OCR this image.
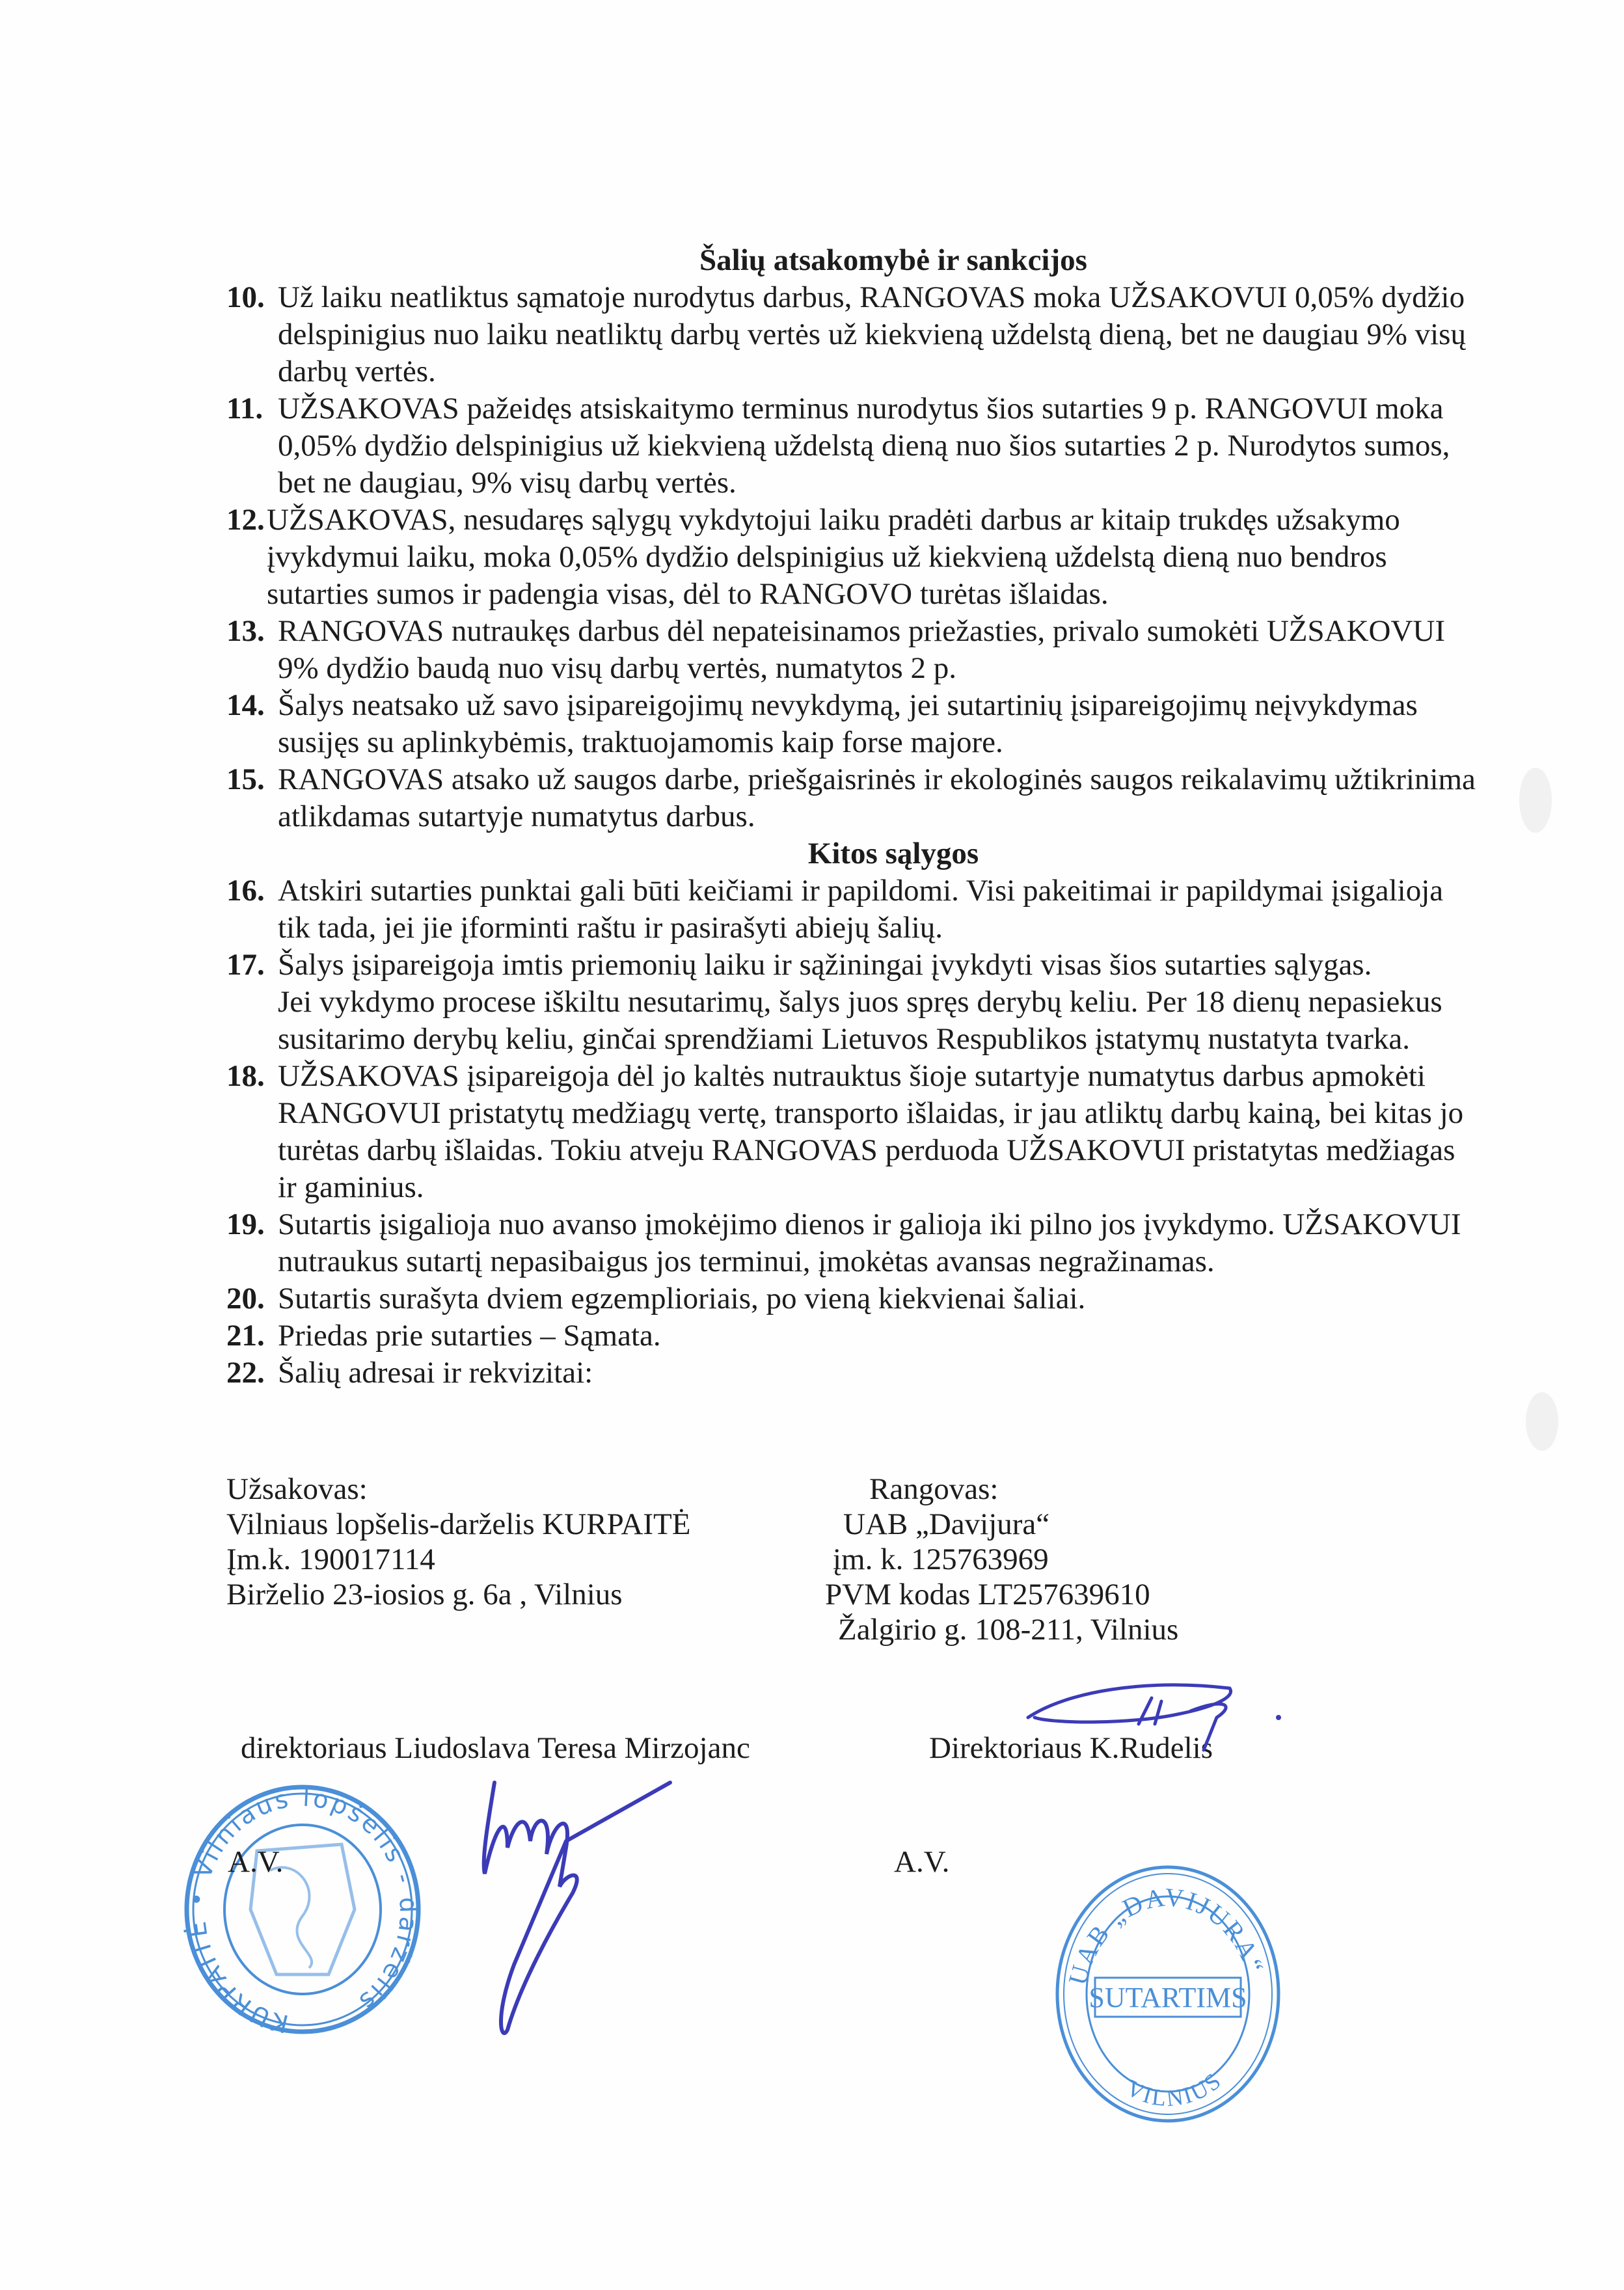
Šalių atsakomybė ir sankcijos
10. Už laiku neatliktus sąmatoje nurodytus darbus, RANGOVAS moka UŽSAKOVUI 0,05% dydžio
delspinigius nuo laiku neatliktų darbų vertės už kiekvieną uždelstą dieną, bet ne daugiau 9% visų
darbų vertės.
11. UŽSAKOVAS pažeidęs atsiskaitymo terminus nurodytus šios sutarties 9 p. RANGOVUI moka
0,05% dydžio delspinigius už kiekvieną uždelstą dieną nuo šios sutarties 2 p. Nurodytos sumos,
bet ne daugiau, 9% visų darbų vertės.
12. UŽSAKOVAS, nesudaręs sąlygų vykdytojui laiku pradėti darbus ar kitaip trukdęs užsakymo
įvykdymui laiku, moka 0,05% dydžio delspinigius už kiekvieną uždelstą dieną nuo bendros
sutarties sumos ir padengia visas, dėl to RANGOVO turėtas išlaidas.
13. RANGOVAS nutraukęs darbus dėl nepateisinamos priežasties, privalo sumokėti UŽSAKOVUI
9% dydžio baudą nuo visų darbų vertės, numatytos 2 p.
14. Šalys neatsako už savo įsipareigojimų nevykdymą, jei sutartinių įsipareigojimų neįvykdymas
susijęs su aplinkybėmis, traktuojamomis kaip forse majore.
15. RANGOVAS atsako už saugos darbe, priešgaisrinės ir ekologinės saugos reikalavimų užtikrinima
atlikdamas sutartyje numatytus darbus.
Kitos sąlygos
16. Atskiri sutarties punktai gali būti keičiami ir papildomi. Visi pakeitimai ir papildymai įsigalioja
tik tada, jei jie įforminti raštu ir pasirašyti abiejų šalių.
17. Šalys įsipareigoja imtis priemonių laiku ir sąžiningai įvykdyti visas šios sutarties sąlygas.
Jei vykdymo procese iškiltu nesutarimų, šalys juos spręs derybų keliu. Per 18 dienų nepasiekus
susitarimo derybų keliu, ginčai sprendžiami Lietuvos Respublikos įstatymų nustatyta tvarka.
18. UŽSAKOVAS įsipareigoja dėl jo kaltės nutrauktus šioje sutartyje numatytus darbus apmokėti
RANGOVUI pristatytų medžiagų vertę, transporto išlaidas, ir jau atliktų darbų kainą, bei kitas jo
turėtas darbų išlaidas. Tokiu atveju RANGOVAS perduoda UŽSAKOVUI pristatytas medžiagas
ir gaminius.
19. Sutartis įsigalioja nuo avanso įmokėjimo dienos ir galioja iki pilno jos įvykdymo. UŽSAKOVUI
nutraukus sutartį nepasibaigus jos terminui, įmokėtas avansas negražinamas.
20. Sutartis surašyta dviem egzemplioriais, po vieną kiekvienai šaliai.
21. Priedas prie sutarties – Sąmata.
22. Šalių adresai ir rekvizitai:
Užsakovas:
Vilniaus lopšelis-darželis KURPAITĖ
Įm.k. 190017114
Birželio 23-iosios g. 6a , Vilnius
Rangovas:
UAB „Davijura“
įm. k. 125763969
PVM kodas LT257639610
Žalgirio g. 108-211, Vilnius
direktoriaus Liudoslava Teresa Mirzojanc	Direktoriaus K.Rudelis
KURPAITĖ • Vilniaus lopšelis - darželis
A.V.	A.V.
UAB „DAVIJURA“
SUTARTIMS
VILNIUS
